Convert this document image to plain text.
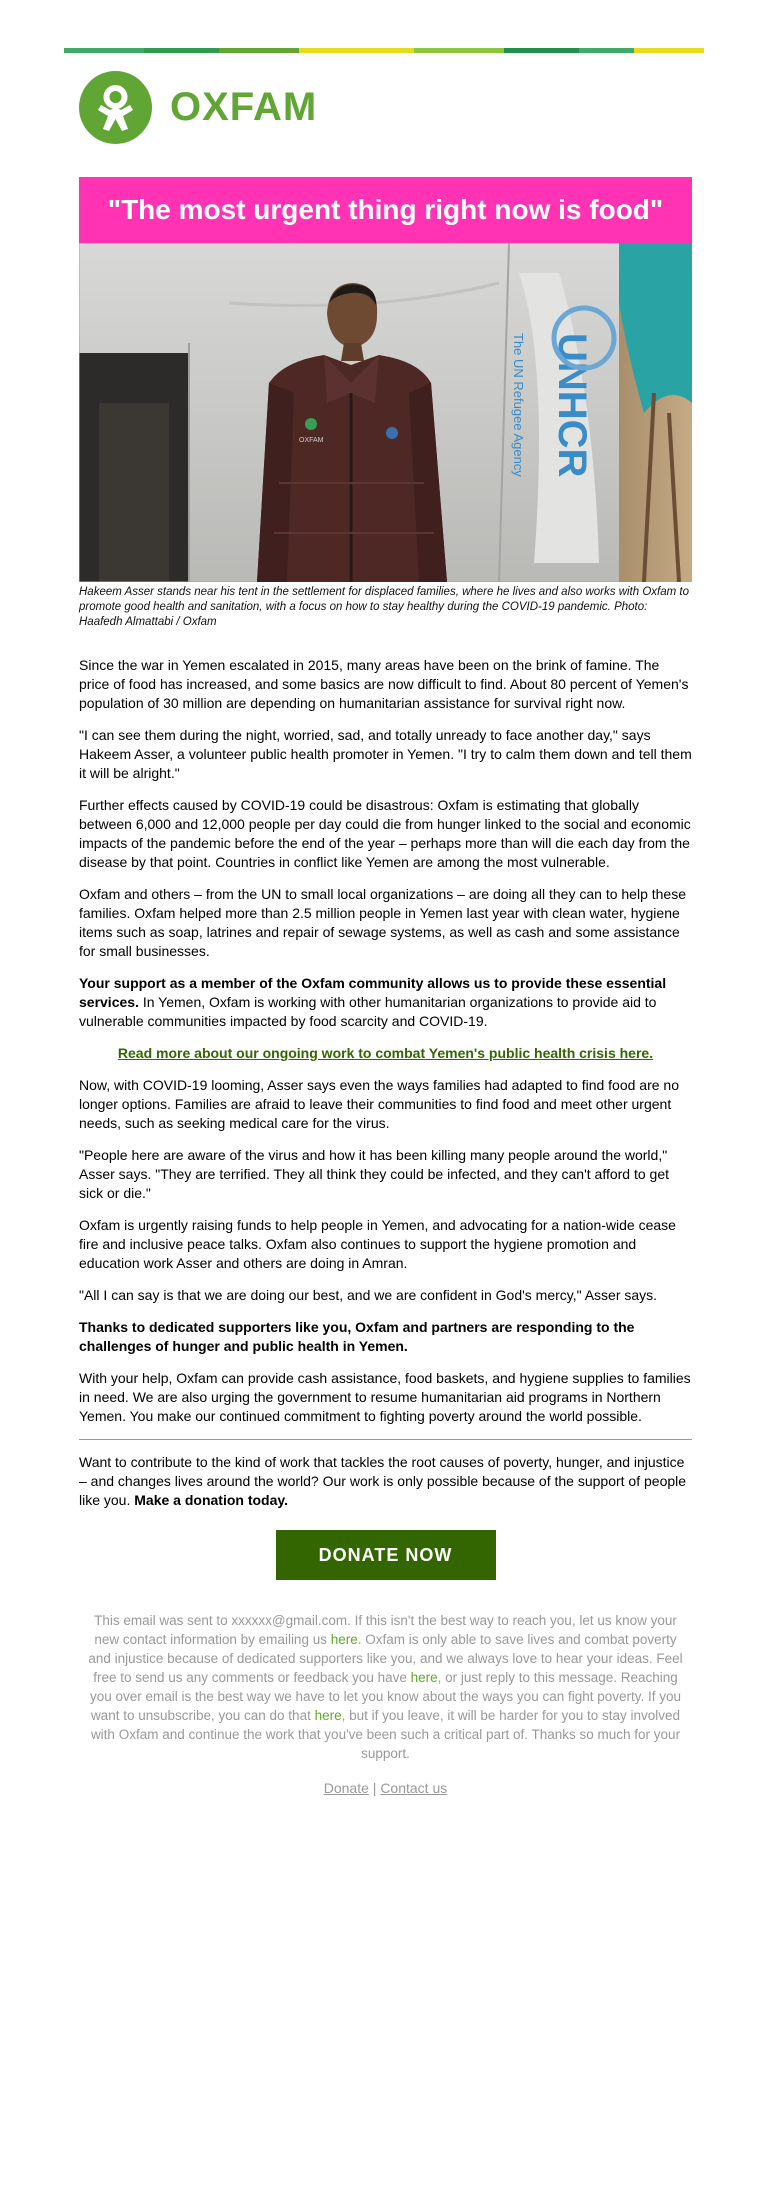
OXFAM
"The most urgent thing right now is food"
UNHCR
The UN Refugee Agency
OXFAM
Hakeem Asser stands near his tent in the settlement for displaced families, where he lives and also works with Oxfam to promote good health and sanitation, with a focus on how to stay healthy during the COVID-19 pandemic. Photo: Haafedh Almattabi / Oxfam

Since the war in Yemen escalated in 2015, many areas have been on the brink of famine. The price of food has increased, and some basics are now difficult to find. About 80 percent of Yemen's population of 30 million are depending on humanitarian assistance for survival right now.

"I can see them during the night, worried, sad, and totally unready to face another day," says Hakeem Asser, a volunteer public health promoter in Yemen. "I try to calm them down and tell them it will be alright."

Further effects caused by COVID-19 could be disastrous: Oxfam is estimating that globally between 6,000 and 12,000 people per day could die from hunger linked to the social and economic impacts of the pandemic before the end of the year – perhaps more than will die each day from the disease by that point. Countries in conflict like Yemen are among the most vulnerable.

Oxfam and others – from the UN to small local organizations – are doing all they can to help these families. Oxfam helped more than 2.5 million people in Yemen last year with clean water, hygiene items such as soap, latrines and repair of sewage systems, as well as cash and some assistance for small businesses.

Your support as a member of the Oxfam community allows us to provide these essential services. In Yemen, Oxfam is working with other humanitarian organizations to provide aid to vulnerable communities impacted by food scarcity and COVID-19.

Read more about our ongoing work to combat Yemen's public health crisis here.

Now, with COVID-19 looming, Asser says even the ways families had adapted to find food are no longer options. Families are afraid to leave their communities to find food and meet other urgent needs, such as seeking medical care for the virus.

"People here are aware of the virus and how it has been killing many people around the world," Asser says. "They are terrified. They all think they could be infected, and they can't afford to get sick or die."

Oxfam is urgently raising funds to help people in Yemen, and advocating for a nation-wide cease fire and inclusive peace talks. Oxfam also continues to support the hygiene promotion and education work Asser and others are doing in Amran.

"All I can say is that we are doing our best, and we are confident in God's mercy," Asser says.

Thanks to dedicated supporters like you, Oxfam and partners are responding to the challenges of hunger and public health in Yemen.

With your help, Oxfam can provide cash assistance, food baskets, and hygiene supplies to families in need. We are also urging the government to resume humanitarian aid programs in Northern Yemen. You make our continued commitment to fighting poverty around the world possible.

Want to contribute to the kind of work that tackles the root causes of poverty, hunger, and injustice – and changes lives around the world? Our work is only possible because of the support of people like you. Make a donation today.

DONATE NOW
This email was sent to xxxxxx@gmail.com. If this isn't the best way to reach you, let us know your new contact information by emailing us here. Oxfam is only able to save lives and combat poverty and injustice because of dedicated supporters like you, and we always love to hear your ideas. Feel free to send us any comments or feedback you have here, or just reply to this message. Reaching you over email is the best way we have to let you know about the ways you can fight poverty. If you want to unsubscribe, you can do that here, but if you leave, it will be harder for you to stay involved with Oxfam and continue the work that you've been such a critical part of. Thanks so much for your support.
Donate | Contact us
